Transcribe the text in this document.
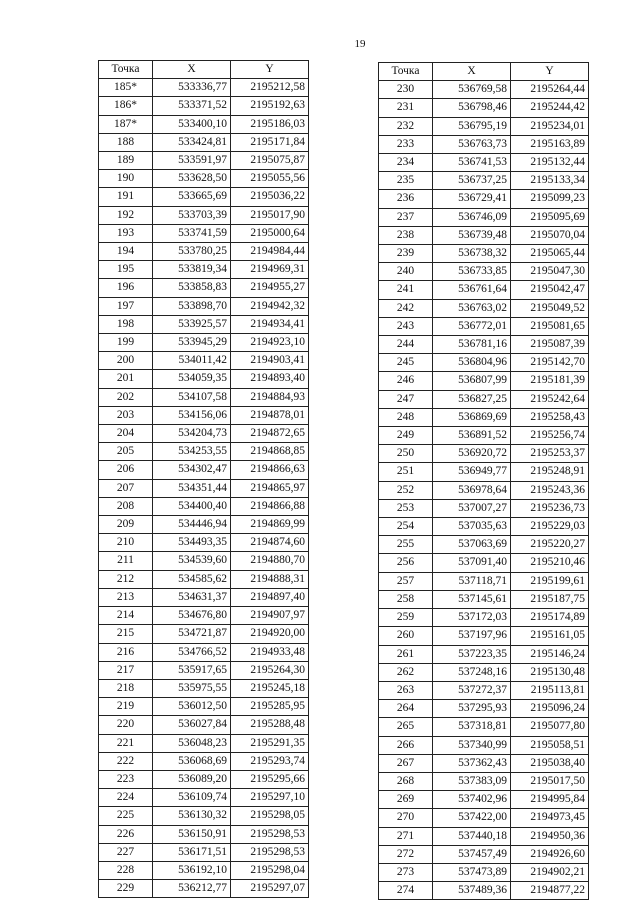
19
Точка	X	Y
185*	533336,77	2195212,58
186*	533371,52	2195192,63
187*	533400,10	2195186,03
188	533424,81	2195171,84
189	533591,97	2195075,87
190	533628,50	2195055,56
191	533665,69	2195036,22
192	533703,39	2195017,90
193	533741,59	2195000,64
194	533780,25	2194984,44
195	533819,34	2194969,31
196	533858,83	2194955,27
197	533898,70	2194942,32
198	533925,57	2194934,41
199	533945,29	2194923,10
200	534011,42	2194903,41
201	534059,35	2194893,40
202	534107,58	2194884,93
203	534156,06	2194878,01
204	534204,73	2194872,65
205	534253,55	2194868,85
206	534302,47	2194866,63
207	534351,44	2194865,97
208	534400,40	2194866,88
209	534446,94	2194869,99
210	534493,35	2194874,60
211	534539,60	2194880,70
212	534585,62	2194888,31
213	534631,37	2194897,40
214	534676,80	2194907,97
215	534721,87	2194920,00
216	534766,52	2194933,48
217	535917,65	2195264,30
218	535975,55	2195245,18
219	536012,50	2195285,95
220	536027,84	2195288,48
221	536048,23	2195291,35
222	536068,69	2195293,74
223	536089,20	2195295,66
224	536109,74	2195297,10
225	536130,32	2195298,05
226	536150,91	2195298,53
227	536171,51	2195298,53
228	536192,10	2195298,04
229	536212,77	2195297,07
Точка	X	Y
230	536769,58	2195264,44
231	536798,46	2195244,42
232	536795,19	2195234,01
233	536763,73	2195163,89
234	536741,53	2195132,44
235	536737,25	2195133,34
236	536729,41	2195099,23
237	536746,09	2195095,69
238	536739,48	2195070,04
239	536738,32	2195065,44
240	536733,85	2195047,30
241	536761,64	2195042,47
242	536763,02	2195049,52
243	536772,01	2195081,65
244	536781,16	2195087,39
245	536804,96	2195142,70
246	536807,99	2195181,39
247	536827,25	2195242,64
248	536869,69	2195258,43
249	536891,52	2195256,74
250	536920,72	2195253,37
251	536949,77	2195248,91
252	536978,64	2195243,36
253	537007,27	2195236,73
254	537035,63	2195229,03
255	537063,69	2195220,27
256	537091,40	2195210,46
257	537118,71	2195199,61
258	537145,61	2195187,75
259	537172,03	2195174,89
260	537197,96	2195161,05
261	537223,35	2195146,24
262	537248,16	2195130,48
263	537272,37	2195113,81
264	537295,93	2195096,24
265	537318,81	2195077,80
266	537340,99	2195058,51
267	537362,43	2195038,40
268	537383,09	2195017,50
269	537402,96	2194995,84
270	537422,00	2194973,45
271	537440,18	2194950,36
272	537457,49	2194926,60
273	537473,89	2194902,21
274	537489,36	2194877,22
